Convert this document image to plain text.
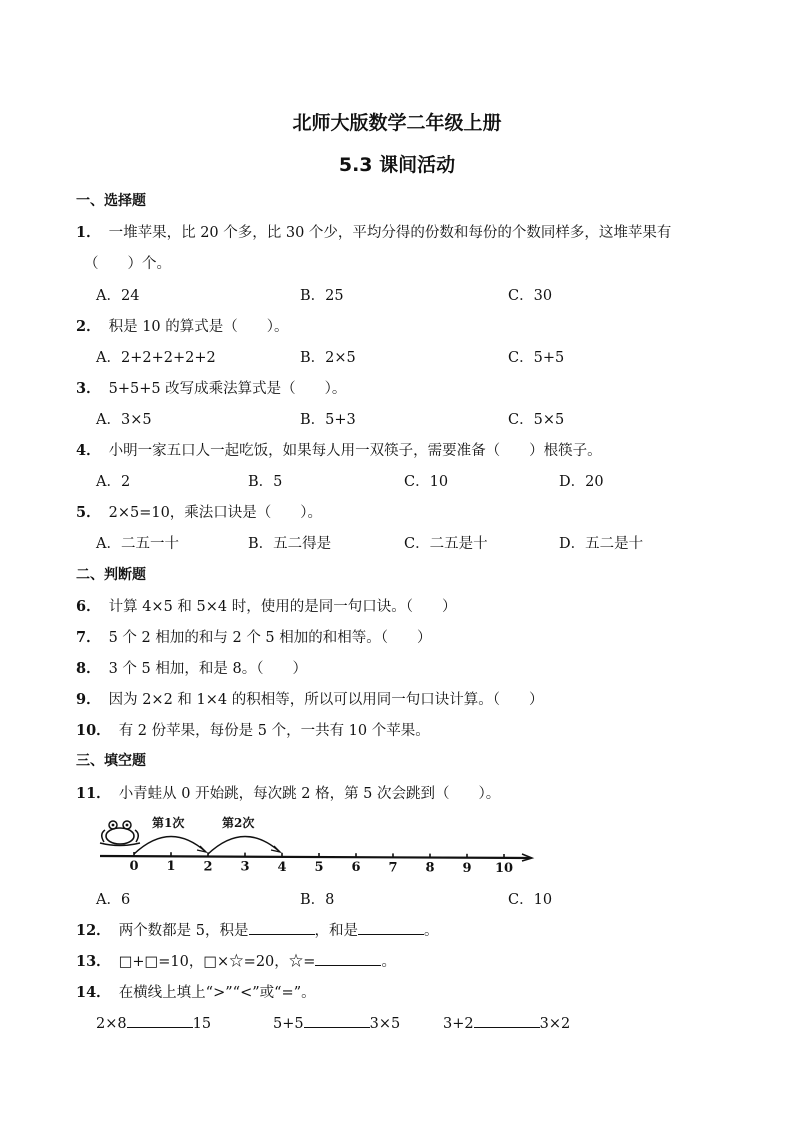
北师大版数学二年级上册
5.3 课间活动
一、选择题
1． 一堆苹果，比 20 个多，比 30 个少，平均分得的份数和每份的个数同样多，这堆苹果有
（　　）个。
A．24	B．25	C．30
2． 积是 10 的算式是（　　）。
A．2+2+2+2+2	B．2×5	C．5+5
3． 5+5+5 改写成乘法算式是（　　）。
A．3×5	B．5+3	C．5×5
4． 小明一家五口人一起吃饭，如果每人用一双筷子，需要准备（　　）根筷子。
A．2	B．5	C．10	D．20
5． 2×5=10，乘法口诀是（　　）。
A．二五一十	B．五二得是	C．二五是十	D．五二是十
二、判断题
6． 计算 4×5 和 5×4 时，使用的是同一句口诀。（　　）
7． 5 个 2 相加的和与 2 个 5 相加的和相等。（　　）
8． 3 个 5 相加，和是 8。（　　）
9． 因为 2×2 和 1×4 的积相等，所以可以用同一句口诀计算。（　　）
10． 有 2 份苹果，每份是 5 个，一共有 10 个苹果。
三、填空题
11． 小青蛙从 0 开始跳，每次跳 2 格，第 5 次会跳到（　　）。
第1次	第2次
0 1 2 3 4 5 6 7 8 9 10
A．6	B．8	C．10
12． 两个数都是 5，积是	，和是	。
13． □+□=10，□×☆=20，☆=	。
14． 在横线上填上“>”“<”或“=”。
2×8	15	5+5	3×5	3+2	3×2
